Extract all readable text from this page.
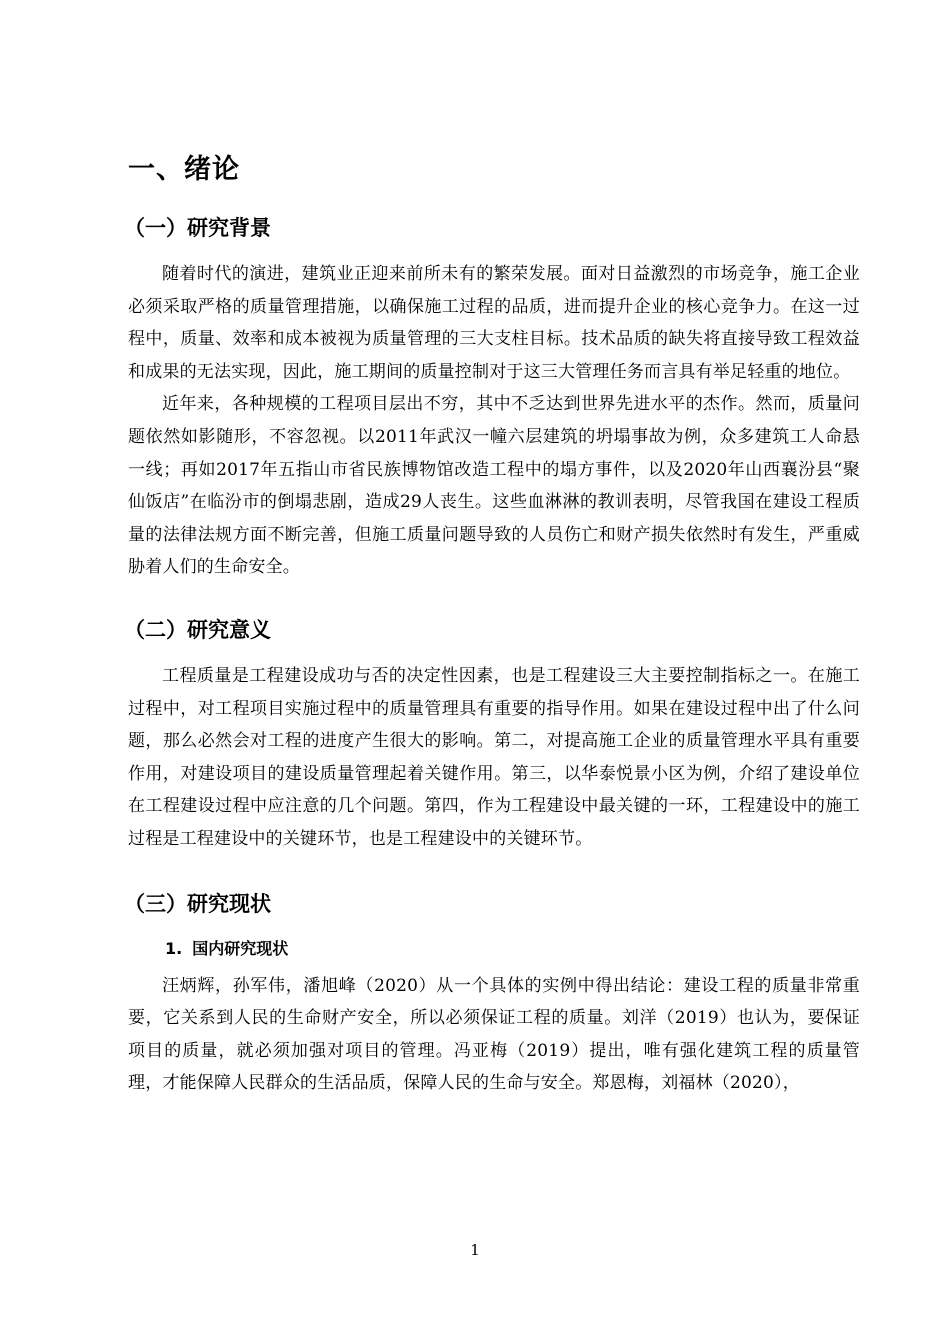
一、绪论
（一）研究背景

随着时代的演进，建筑业正迎来前所未有的繁荣发展。面对日益激烈的市场竞争，施工企业必须采取严格的质量管理措施，以确保施工过程的品质，进而提升企业的核心竞争力。在这一过程中，质量、效率和成本被视为质量管理的三大支柱目标。技术品质的缺失将直接导致工程效益和成果的无法实现，因此，施工期间的质量控制对于这三大管理任务而言具有举足轻重的地位。

近年来，各种规模的工程项目层出不穷，其中不乏达到世界先进水平的杰作。然而，质量问题依然如影随形，不容忽视。以2011年武汉一幢六层建筑的坍塌事故为例，众多建筑工人命悬一线；再如2017年五指山市省民族博物馆改造工程中的塌方事件，以及2020年山西襄汾县“聚仙饭店”在临汾市的倒塌悲剧，造成29人丧生。这些血淋淋的教训表明，尽管我国在建设工程质量的法律法规方面不断完善，但施工质量问题导致的人员伤亡和财产损失依然时有发生，严重威胁着人们的生命安全。

（二）研究意义

工程质量是工程建设成功与否的决定性因素，也是工程建设三大主要控制指标之一。在施工过程中，对工程项目实施过程中的质量管理具有重要的指导作用。如果在建设过程中出了什么问题，那么必然会对工程的进度产生很大的影响。第二，对提高施工企业的质量管理水平具有重要作用，对建设项目的建设质量管理起着关键作用。第三，以华泰悦景小区为例，介绍了建设单位在工程建设过程中应注意的几个问题。第四，作为工程建设中最关键的一环，工程建设中的施工过程是工程建设中的关键环节，也是工程建设中的关键环节。

（三）研究现状
1. 国内研究现状

汪炳辉，孙军伟，潘旭峰（2020）从一个具体的实例中得出结论：建设工程的质量非常重要，它关系到人民的生命财产安全，所以必须保证工程的质量。刘洋（2019）也认为，要保证项目的质量，就必须加强对项目的管理。冯亚梅（2019）提出，唯有强化建筑工程的质量管理，才能保障人民群众的生活品质，保障人民的生命与安全。郑恩梅，刘福林（2020），

1
